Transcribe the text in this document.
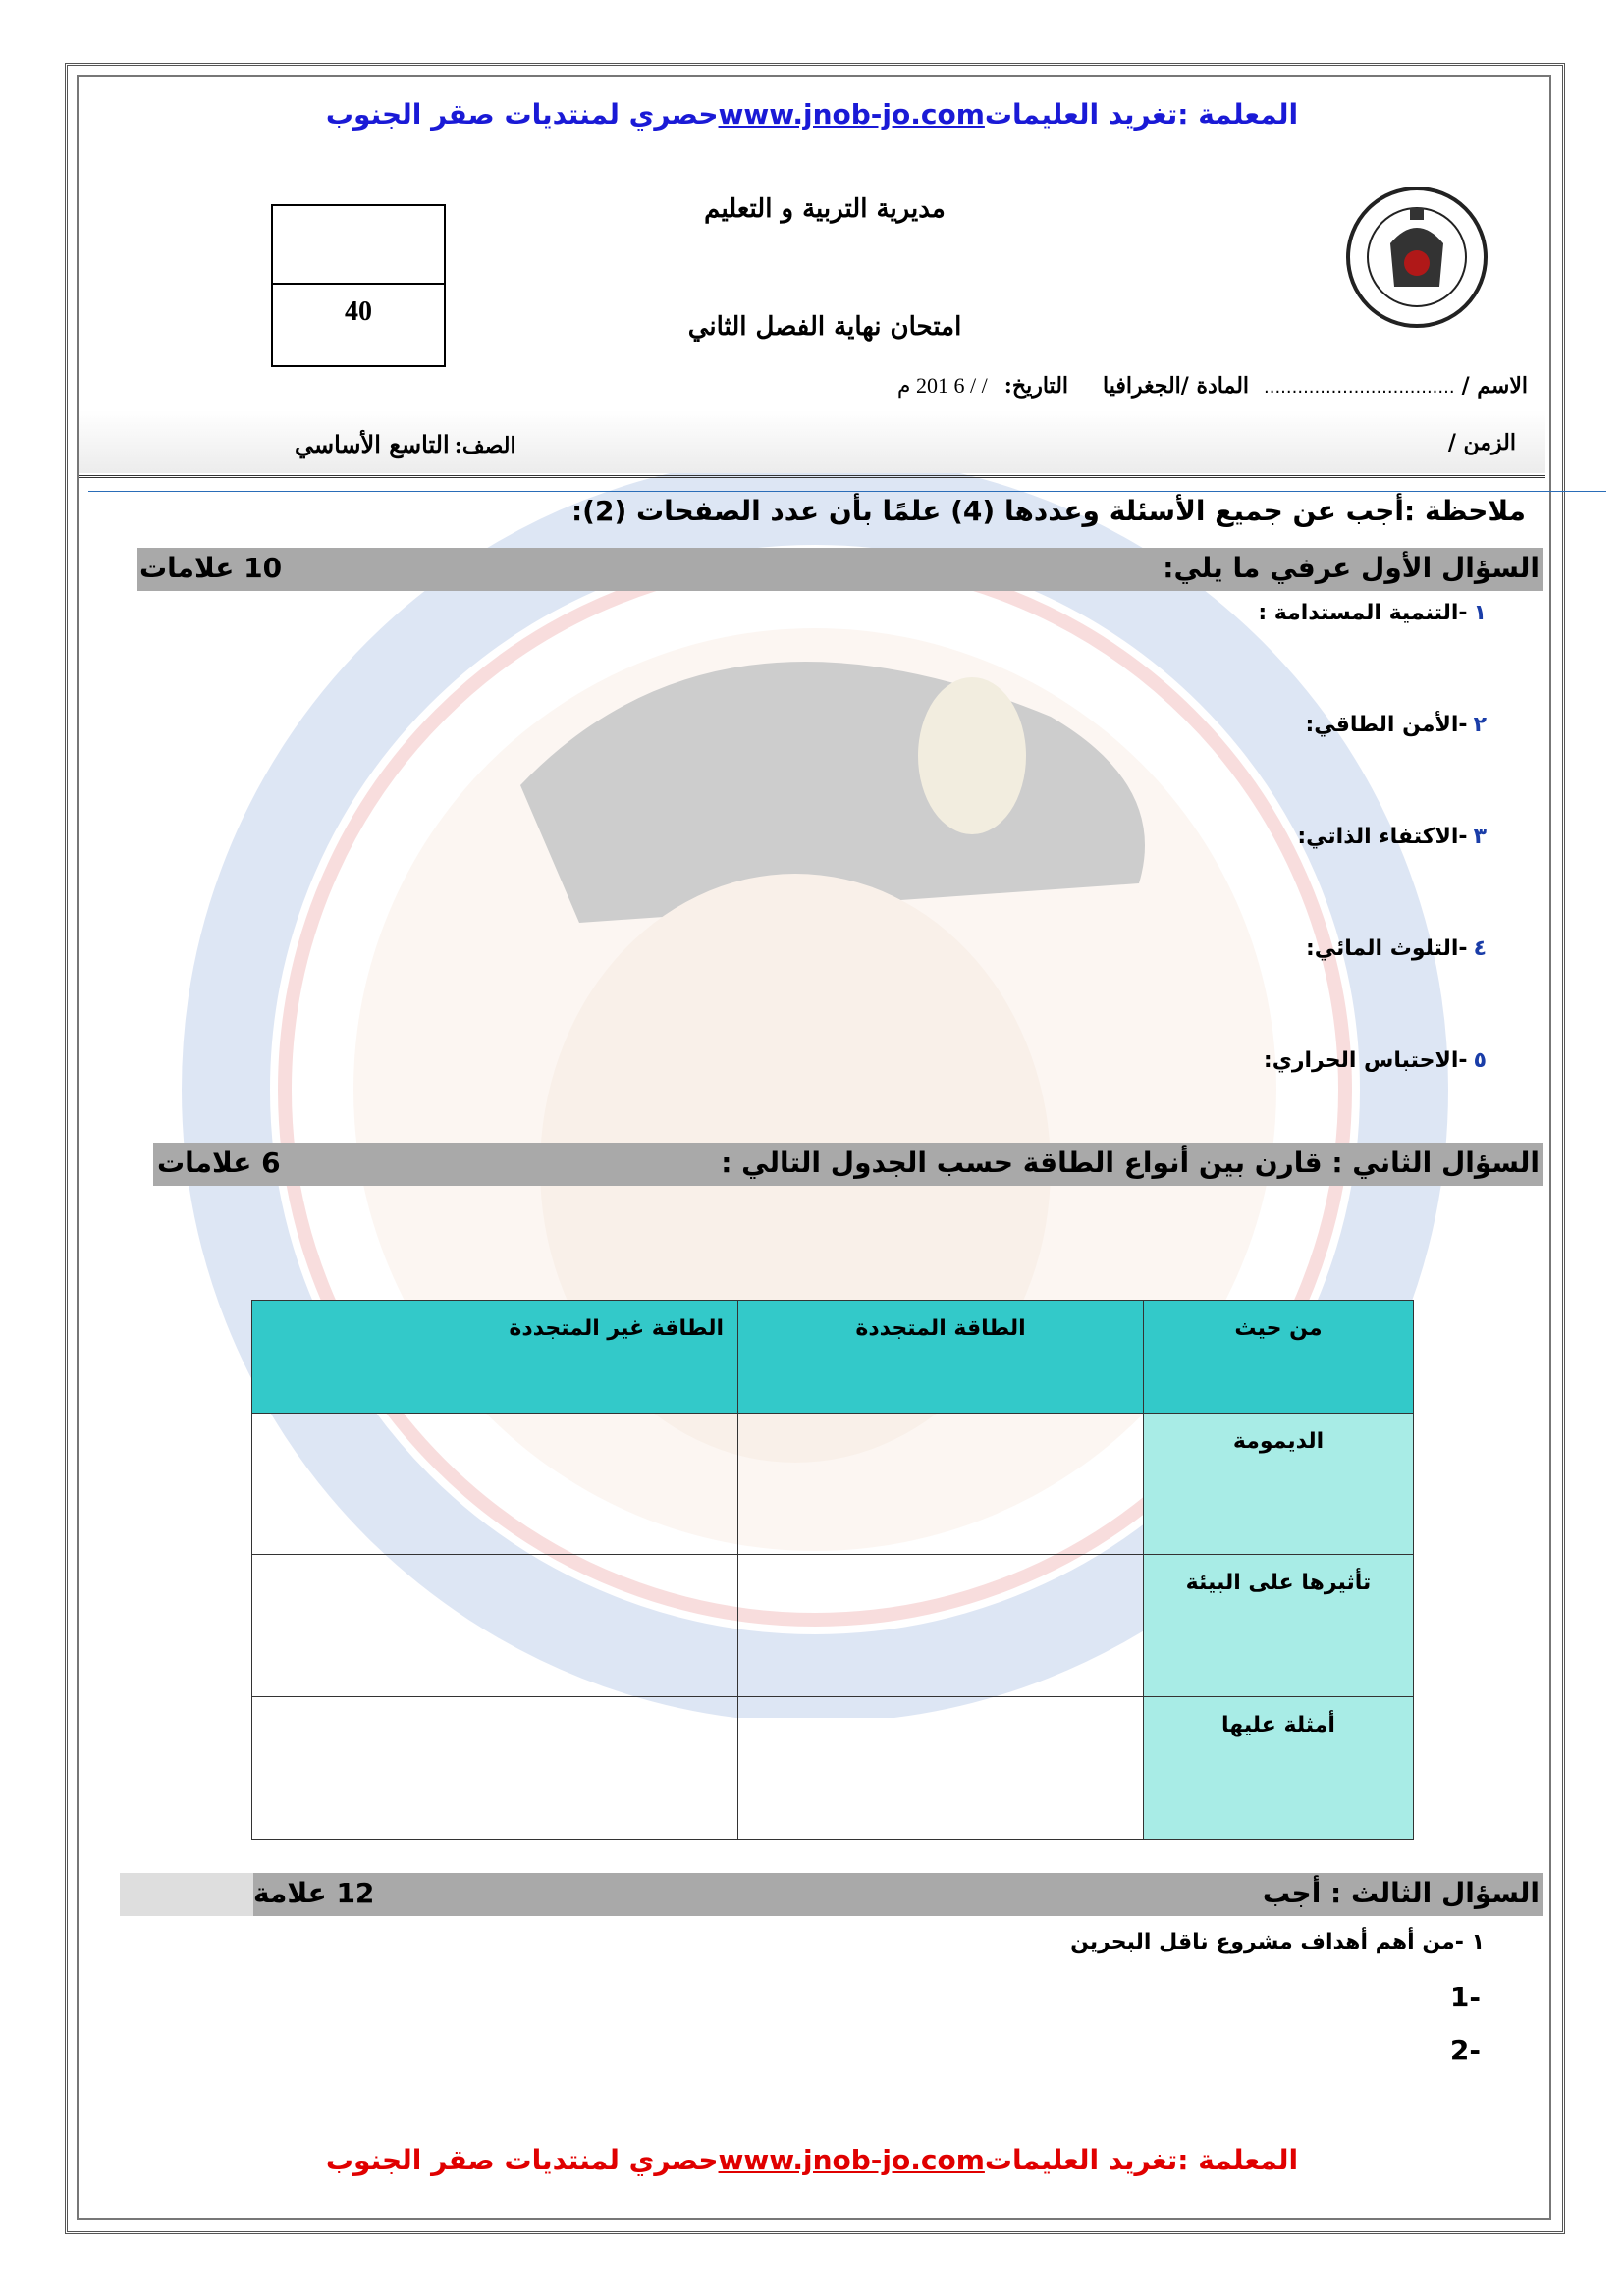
المعلمة :تغريد العليماتwww.jnob-jo.comحصري لمنتديات صقر الجنوب
مديرية التربية و التعليم
امتحان نهاية الفصل الثاني
40
الاسم / .................................. المادة /الجغرافيا التاريخ: / / 6 201 م
الزمن /
الصف: التاسع الأساسي
ملاحظة :أجب عن جميع الأسئلة وعددها (4) علمًا بأن عدد الصفحات (2):
السؤال الأول عرفي ما يلي:
10 علامات
١-التنمية المستدامة :
٢-الأمن الطاقي:
٣-الاكتفاء الذاتي:
٤-التلوث المائي:
٥-الاحتباس الحراري:
السؤال الثاني : قارن بين أنواع الطاقة حسب الجدول التالي :
6 علامات
من حيث	الطاقة المتجددة	الطاقة غير المتجددة
الديمومة		
تأثيرها على البيئة		
أمثلة عليها		
السؤال الثالث : أجب
12 علامة
١ -من أهم أهداف مشروع ناقل البحرين
-1
-2
المعلمة :تغريد العليماتwww.jnob-jo.comحصري لمنتديات صقر الجنوب
